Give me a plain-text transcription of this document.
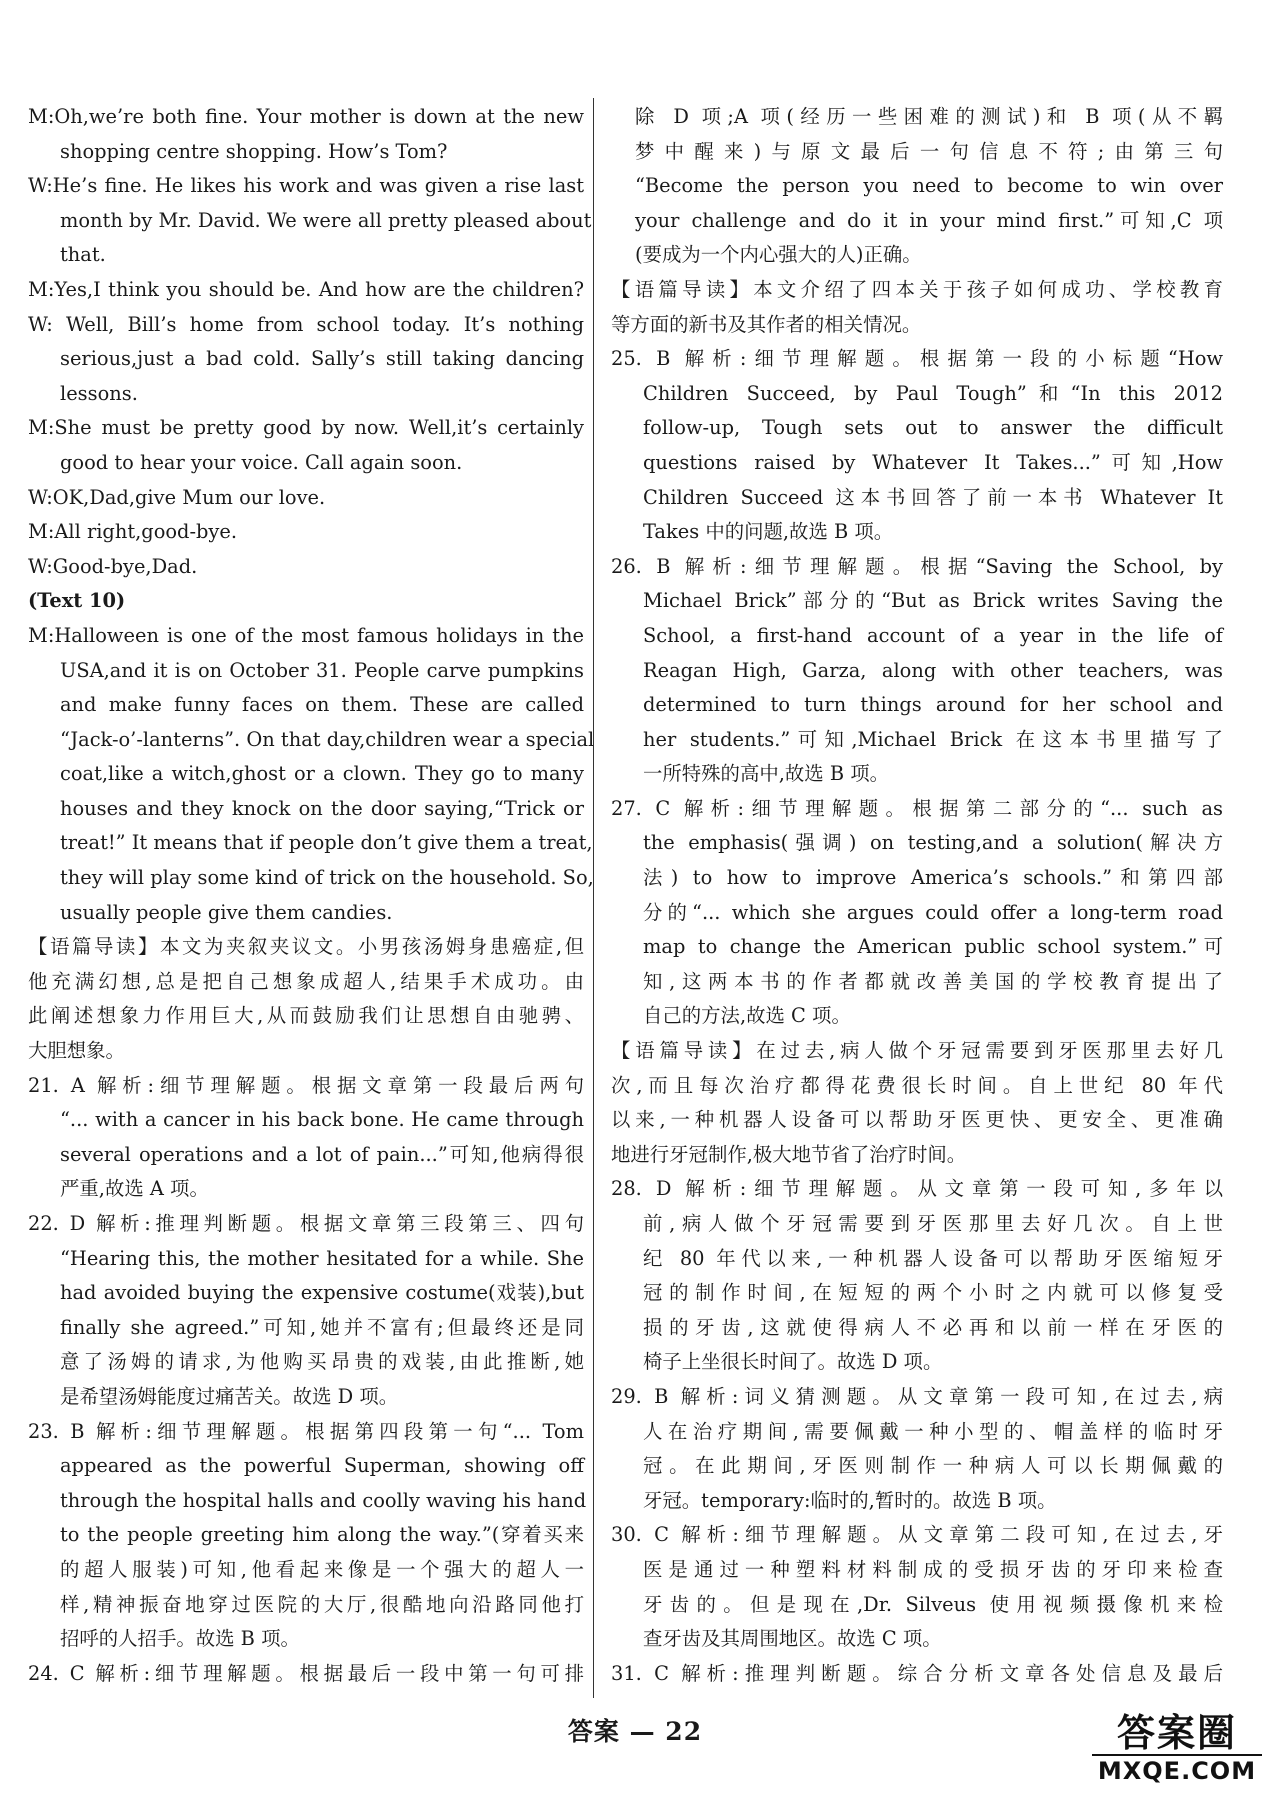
M:Oh,we’re both fine. Your mother is down at the new
shopping centre shopping. How’s Tom?
W:He’s fine. He likes his work and was given a rise last
month by Mr. David. We were all pretty pleased about
that.
M:Yes,I think you should be. And how are the children?
W: Well, Bill’s home from school today. It’s nothing
serious,just a bad cold. Sally’s still taking dancing
lessons.
M:She must be pretty good by now. Well,it’s certainly
good to hear your voice. Call again soon.
W:OK,Dad,give Mum our love.
M:All right,good-bye.
W:Good-bye,Dad.
(Text 10)
M:Halloween is one of the most famous holidays in the
USA,and it is on October 31. People carve pumpkins
and make funny faces on them. These are called
“Jack-o’-lanterns”. On that day,children wear a special
coat,like a witch,ghost or a clown. They go to many
houses and they knock on the door saying,“Trick or
treat!” It means that if people don’t give them a treat,
they will play some kind of trick on the household. So,
usually people give them candies.
【语篇导读】本文为夹叙夹议文。小男孩汤姆身患癌症,但
他充满幻想,总是把自己想象成超人,结果手术成功。由
此阐述想象力作用巨大,从而鼓励我们让思想自由驰骋、
大胆想象。
21. A 解析:细节理解题。根据文章第一段最后两句
“... with a cancer in his back bone. He came through
several operations and a lot of pain...”可知,他病得很
严重,故选 A 项。
22. D 解析:推理判断题。根据文章第三段第三、四句
“Hearing this, the mother hesitated for a while. She
had avoided buying the expensive costume(戏装),but
finally she agreed.”可知,她并不富有;但最终还是同
意了汤姆的请求,为他购买昂贵的戏装,由此推断,她
是希望汤姆能度过痛苦关。故选 D 项。
23. B 解析:细节理解题。根据第四段第一句“... Tom
appeared as the powerful Superman, showing off
through the hospital halls and coolly waving his hand
to the people greeting him along the way.”(穿着买来
的超人服装)可知,他看起来像是一个强大的超人一
样,精神振奋地穿过医院的大厅,很酷地向沿路同他打
招呼的人招手。故选 B 项。
24. C 解析:细节理解题。根据最后一段中第一句可排
除 D 项;A 项(经历一些困难的测试)和 B 项(从不羁
梦中醒来)与原文最后一句信息不符;由第三句
“Become the person you need to become to win over
your challenge and do it in your mind first.”可知,C 项
(要成为一个内心强大的人)正确。
【语篇导读】本文介绍了四本关于孩子如何成功、学校教育
等方面的新书及其作者的相关情况。
25. B 解析:细节理解题。根据第一段的小标题“How
Children Succeed, by Paul Tough”和“In this 2012
follow-up, Tough sets out to answer the difficult
questions raised by Whatever It Takes...”可知,How
Children Succeed 这本书回答了前一本书 Whatever It
Takes 中的问题,故选 B 项。
26. B 解析:细节理解题。根据“Saving the School, by
Michael Brick”部分的“But as Brick writes Saving the
School, a first-hand account of a year in the life of
Reagan High, Garza, along with other teachers, was
determined to turn things around for her school and
her students.”可知,Michael Brick 在这本书里描写了
一所特殊的高中,故选 B 项。
27. C 解析:细节理解题。根据第二部分的“... such as
the emphasis(强调) on testing,and a solution(解决方
法) to how to improve America’s schools.”和第四部
分的“... which she argues could offer a long-term road
map to change the American public school system.”可
知,这两本书的作者都就改善美国的学校教育提出了
自己的方法,故选 C 项。
【语篇导读】在过去,病人做个牙冠需要到牙医那里去好几
次,而且每次治疗都得花费很长时间。自上世纪 80 年代
以来,一种机器人设备可以帮助牙医更快、更安全、更准确
地进行牙冠制作,极大地节省了治疗时间。
28. D 解析:细节理解题。从文章第一段可知,多年以
前,病人做个牙冠需要到牙医那里去好几次。自上世
纪 80 年代以来,一种机器人设备可以帮助牙医缩短牙
冠的制作时间,在短短的两个小时之内就可以修复受
损的牙齿,这就使得病人不必再和以前一样在牙医的
椅子上坐很长时间了。故选 D 项。
29. B 解析:词义猜测题。从文章第一段可知,在过去,病
人在治疗期间,需要佩戴一种小型的、帽盖样的临时牙
冠。在此期间,牙医则制作一种病人可以长期佩戴的
牙冠。temporary:临时的,暂时的。故选 B 项。
30. C 解析:细节理解题。从文章第二段可知,在过去,牙
医是通过一种塑料材料制成的受损牙齿的牙印来检查
牙齿的。但是现在,Dr. Silveus 使用视频摄像机来检
查牙齿及其周围地区。故选 C 项。
31. C 解析:推理判断题。综合分析文章各处信息及最后
答案 — 22	答案圈
MXQE.COM
